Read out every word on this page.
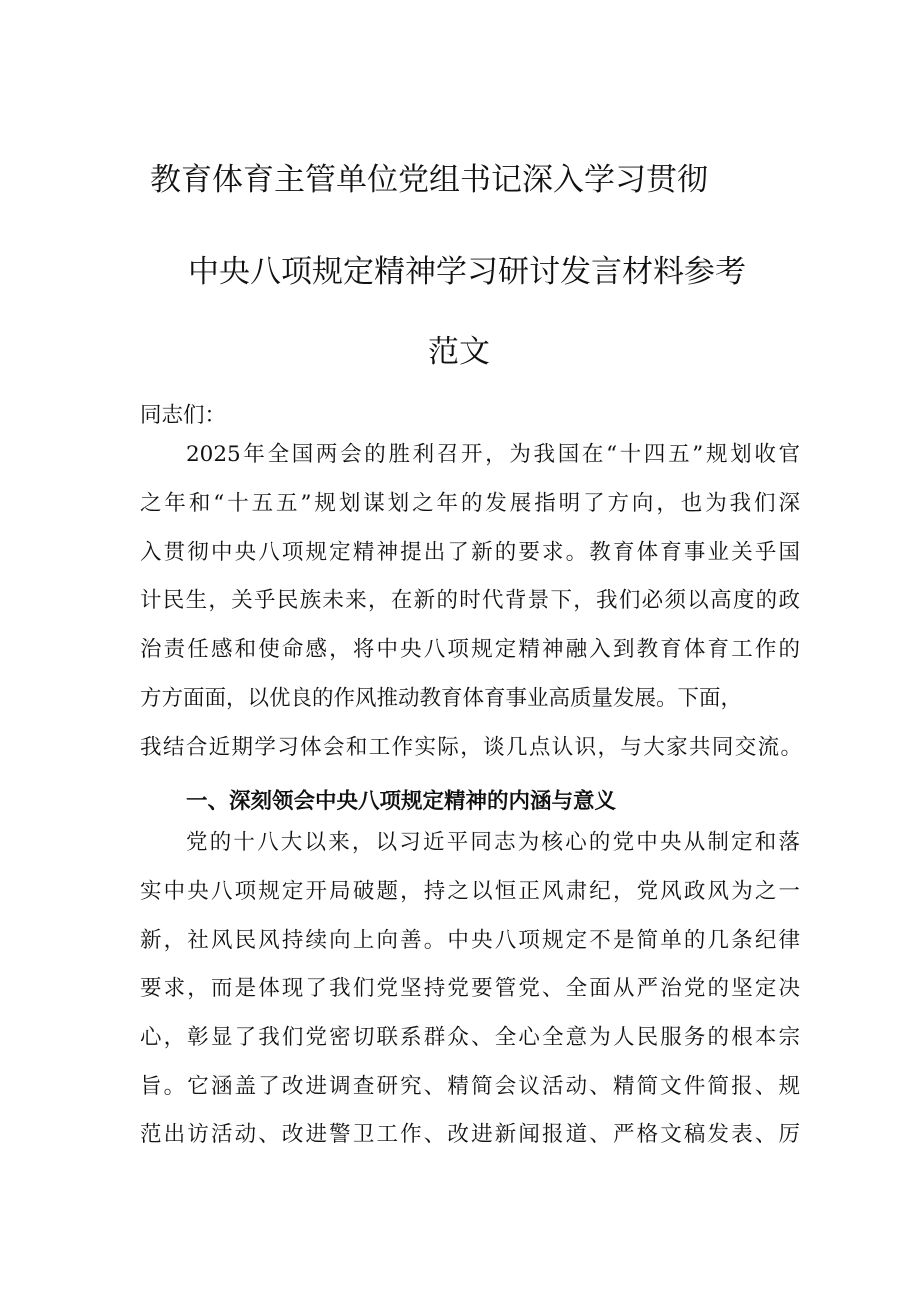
教育体育主管单位党组书记深入学习贯彻
中央八项规定精神学习研讨发言材料参考
范文
同志们：
2025年全国两会的胜利召开，为我国在“十四五”规划收官
之年和“十五五”规划谋划之年的发展指明了方向，也为我们深
入贯彻中央八项规定精神提出了新的要求。教育体育事业关乎国
计民生，关乎民族未来，在新的时代背景下，我们必须以高度的政
治责任感和使命感，将中央八项规定精神融入到教育体育工作的
方方面面，以优良的作风推动教育体育事业高质量发展。下面，
我结合近期学习体会和工作实际，谈几点认识，与大家共同交流。
一、深刻领会中央八项规定精神的内涵与意义
党的十八大以来，以习近平同志为核心的党中央从制定和落
实中央八项规定开局破题，持之以恒正风肃纪，党风政风为之一
新，社风民风持续向上向善。中央八项规定不是简单的几条纪律
要求，而是体现了我们党坚持党要管党、全面从严治党的坚定决
心，彰显了我们党密切联系群众、全心全意为人民服务的根本宗
旨。它涵盖了改进调查研究、精简会议活动、精简文件简报、规
范出访活动、改进警卫工作、改进新闻报道、严格文稿发表、厉
